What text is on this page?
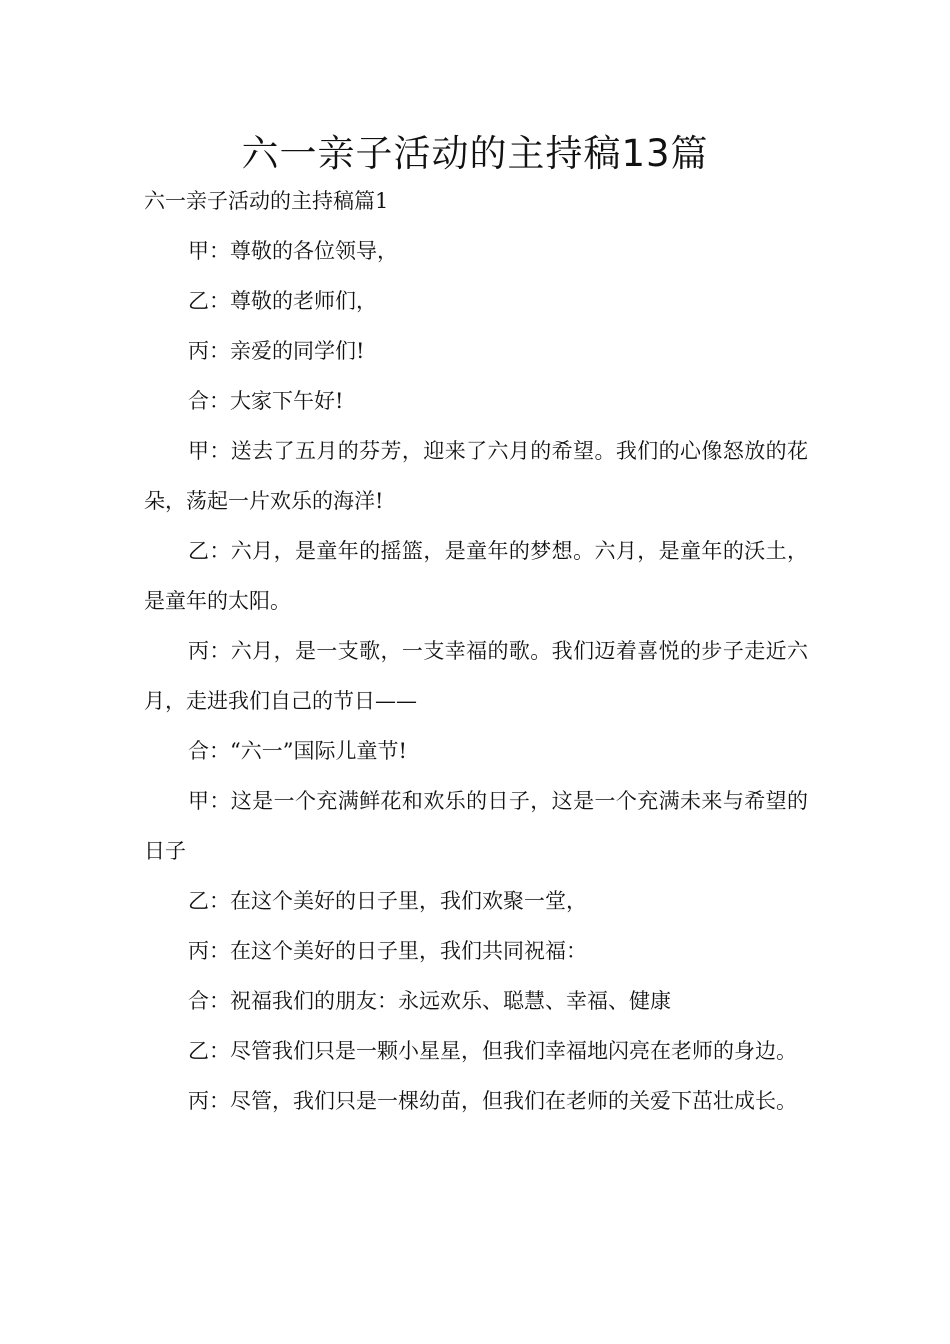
六一亲子活动的主持稿13篇

六一亲子活动的主持稿篇1

甲：尊敬的各位领导，

乙：尊敬的老师们，

丙：亲爱的同学们!

合：大家下午好!

甲：送去了五月的芬芳，迎来了六月的希望。我们的心像怒放的花朵，荡起一片欢乐的海洋!

乙：六月，是童年的摇篮，是童年的梦想。六月，是童年的沃土，是童年的太阳。

丙：六月，是一支歌，一支幸福的歌。我们迈着喜悦的步子走近六月，走进我们自己的节日——

合：“六一”国际儿童节!

甲：这是一个充满鲜花和欢乐的日子，这是一个充满未来与希望的日子

乙：在这个美好的日子里，我们欢聚一堂，

丙：在这个美好的日子里，我们共同祝福：

合：祝福我们的朋友：永远欢乐、聪慧、幸福、健康

乙：尽管我们只是一颗小星星，但我们幸福地闪亮在老师的身边。

丙：尽管，我们只是一棵幼苗，但我们在老师的关爱下茁壮成长。
